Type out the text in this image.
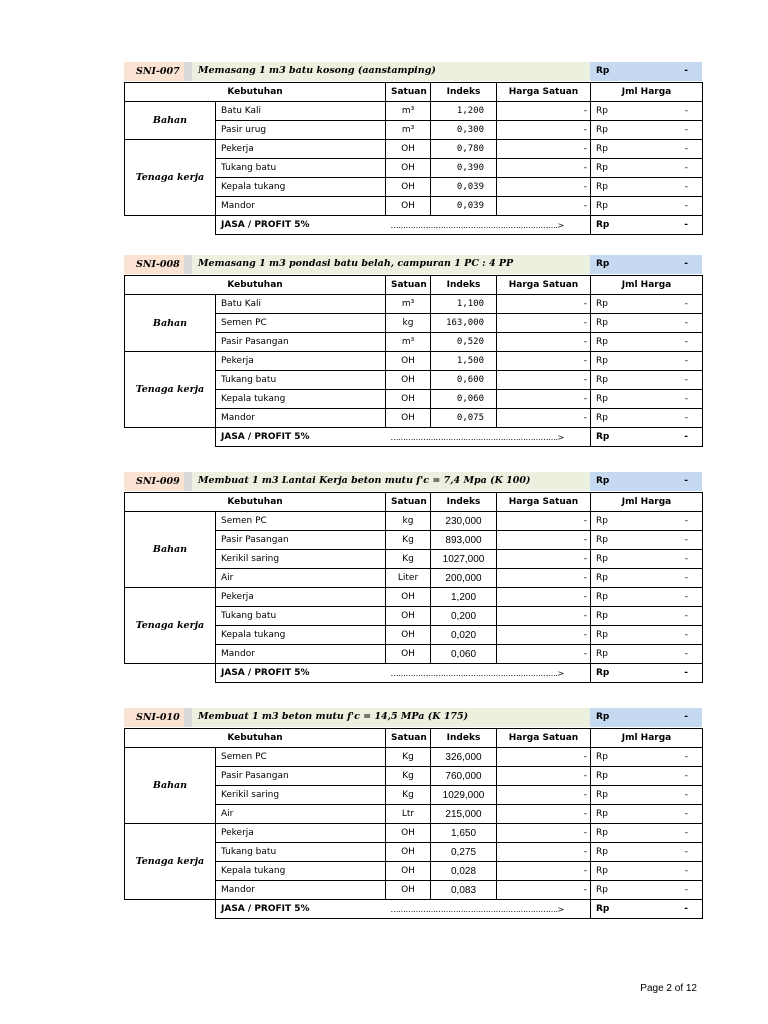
SNI-007	Memasang 1 m3 batu kosong (aanstamping)	Rp	-
Kebutuhan		Satuan	Indeks	Harga Satuan	Jml Harga
Bahan	Batu Kali	m³	1,200	-	Rp -

	Pasir urug	m³	0,300	-	Rp -

Tenaga kerja	Pekerja	OH	0,780	-	Rp -

	Tukang batu	OH	0,390	-	Rp -

	Kepala tukang	OH	0,039	-	Rp -

	Mandor	OH	0,039	-	Rp -

	JASA / PROFIT 5%	………………………………………………………….>			Rp -
SNI-008	Memasang 1 m3 pondasi batu belah, campuran 1 PC : 4 PP	Rp	-
Kebutuhan		Satuan	Indeks	Harga Satuan	Jml Harga
Bahan	Batu Kali	m³	1,100	-	Rp -

	Semen PC	kg	163,000	-	Rp -

	Pasir Pasangan	m³	0,520	-	Rp -

Tenaga kerja	Pekerja	OH	1,500	-	Rp -

	Tukang batu	OH	0,600	-	Rp -

	Kepala tukang	OH	0,060	-	Rp -

	Mandor	OH	0,075	-	Rp -

	JASA / PROFIT 5%	………………………………………………………….>			Rp -
SNI-009	Membuat 1 m3 Lantai Kerja beton mutu f'c = 7,4 Mpa (K 100)	Rp	-
Kebutuhan		Satuan	Indeks	Harga Satuan	Jml Harga
Bahan	Semen PC	kg	230,000	-	Rp -

	Pasir Pasangan	Kg	893,000	-	Rp -

	Kerikil saring	Kg	1027,000	-	Rp -

	Air	Liter	200,000	-	Rp -

Tenaga kerja	Pekerja	OH	1,200	-	Rp -

	Tukang batu	OH	0,200	-	Rp -

	Kepala tukang	OH	0,020	-	Rp -

	Mandor	OH	0,060	-	Rp -

	JASA / PROFIT 5%	………………………………………………………….>			Rp -
SNI-010	Membuat 1 m3 beton mutu f'c = 14,5 MPa (K 175)	Rp	-
Kebutuhan		Satuan	Indeks	Harga Satuan	Jml Harga
Bahan	Semen PC	Kg	326,000	-	Rp -

	Pasir Pasangan	Kg	760,000	-	Rp -

	Kerikil saring	Kg	1029,000	-	Rp -

	Air	Ltr	215,000	-	Rp -

Tenaga kerja	Pekerja	OH	1,650	-	Rp -

	Tukang batu	OH	0,275	-	Rp -

	Kepala tukang	OH	0,028	-	Rp -

	Mandor	OH	0,083	-	Rp -

	JASA / PROFIT 5%	………………………………………………………….>			Rp -
Page 2 of 12
